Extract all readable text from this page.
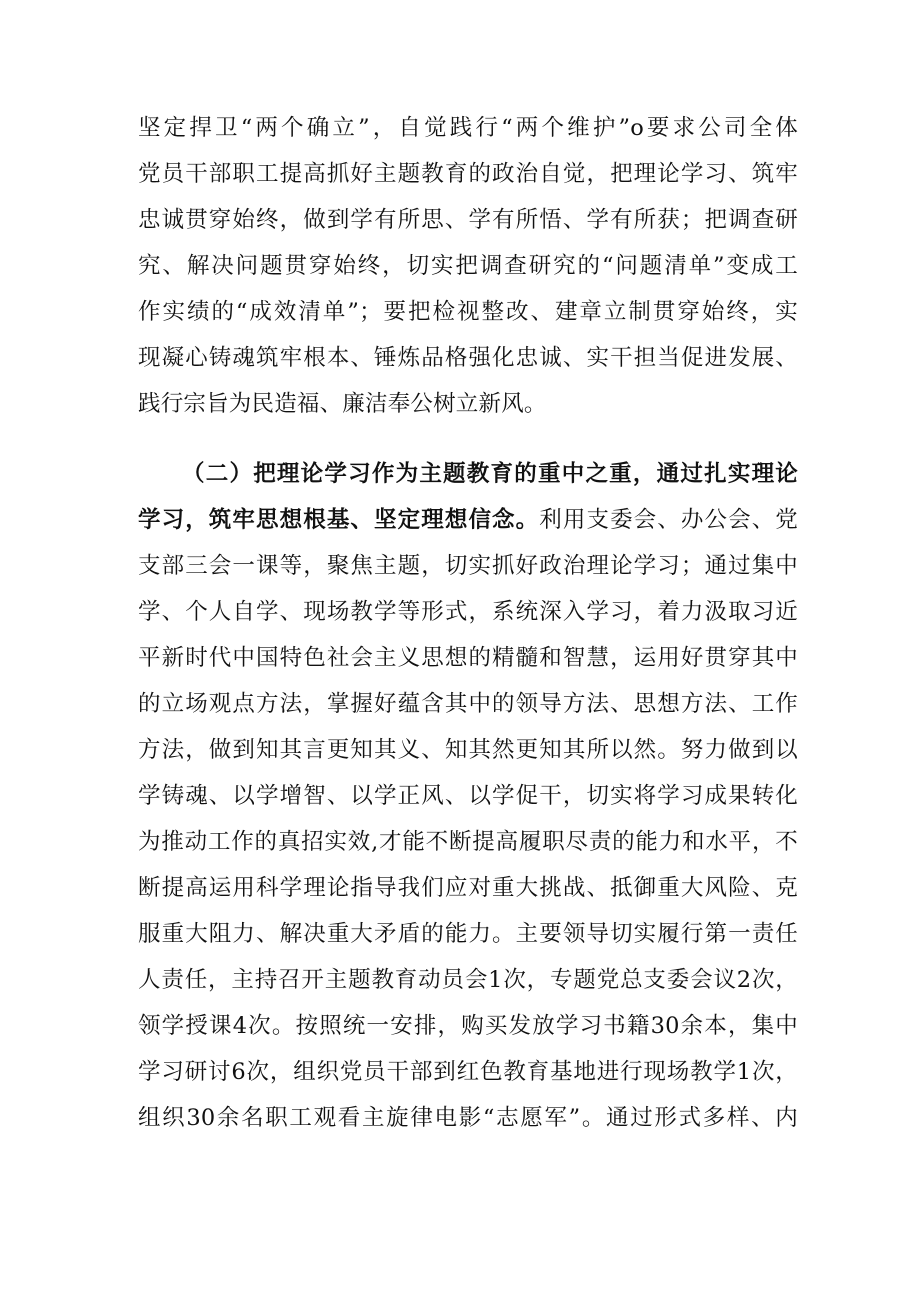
坚定捍卫“两个确立”，自觉践行“两个维护”o要求公司全体
党员干部职工提高抓好主题教育的政治自觉，把理论学习、筑牢
忠诚贯穿始终，做到学有所思、学有所悟、学有所获；把调查研
究、解决问题贯穿始终，切实把调查研究的“问题清单”变成工
作实绩的“成效清单”；要把检视整改、建章立制贯穿始终，实
现凝心铸魂筑牢根本、锤炼品格强化忠诚、实干担当促进发展、
践行宗旨为民造福、廉洁奉公树立新风。
（二）把理论学习作为主题教育的重中之重，通过扎实理论
学习，筑牢思想根基、坚定理想信念。利用支委会、办公会、党
支部三会一课等，聚焦主题，切实抓好政治理论学习；通过集中
学、个人自学、现场教学等形式，系统深入学习，着力汲取习近
平新时代中国特色社会主义思想的精髓和智慧，运用好贯穿其中
的立场观点方法，掌握好蕴含其中的领导方法、思想方法、工作
方法，做到知其言更知其义、知其然更知其所以然。努力做到以
学铸魂、以学增智、以学正风、以学促干，切实将学习成果转化
为推动工作的真招实效,才能不断提高履职尽责的能力和水平，不
断提高运用科学理论指导我们应对重大挑战、抵御重大风险、克
服重大阻力、解决重大矛盾的能力。主要领导切实履行第一责任
人责任，主持召开主题教育动员会1次，专题党总支委会议2次，
领学授课4次。按照统一安排，购买发放学习书籍30余本，集中
学习研讨6次，组织党员干部到红色教育基地进行现场教学1次，
组织30余名职工观看主旋律电影“志愿军”。通过形式多样、内
